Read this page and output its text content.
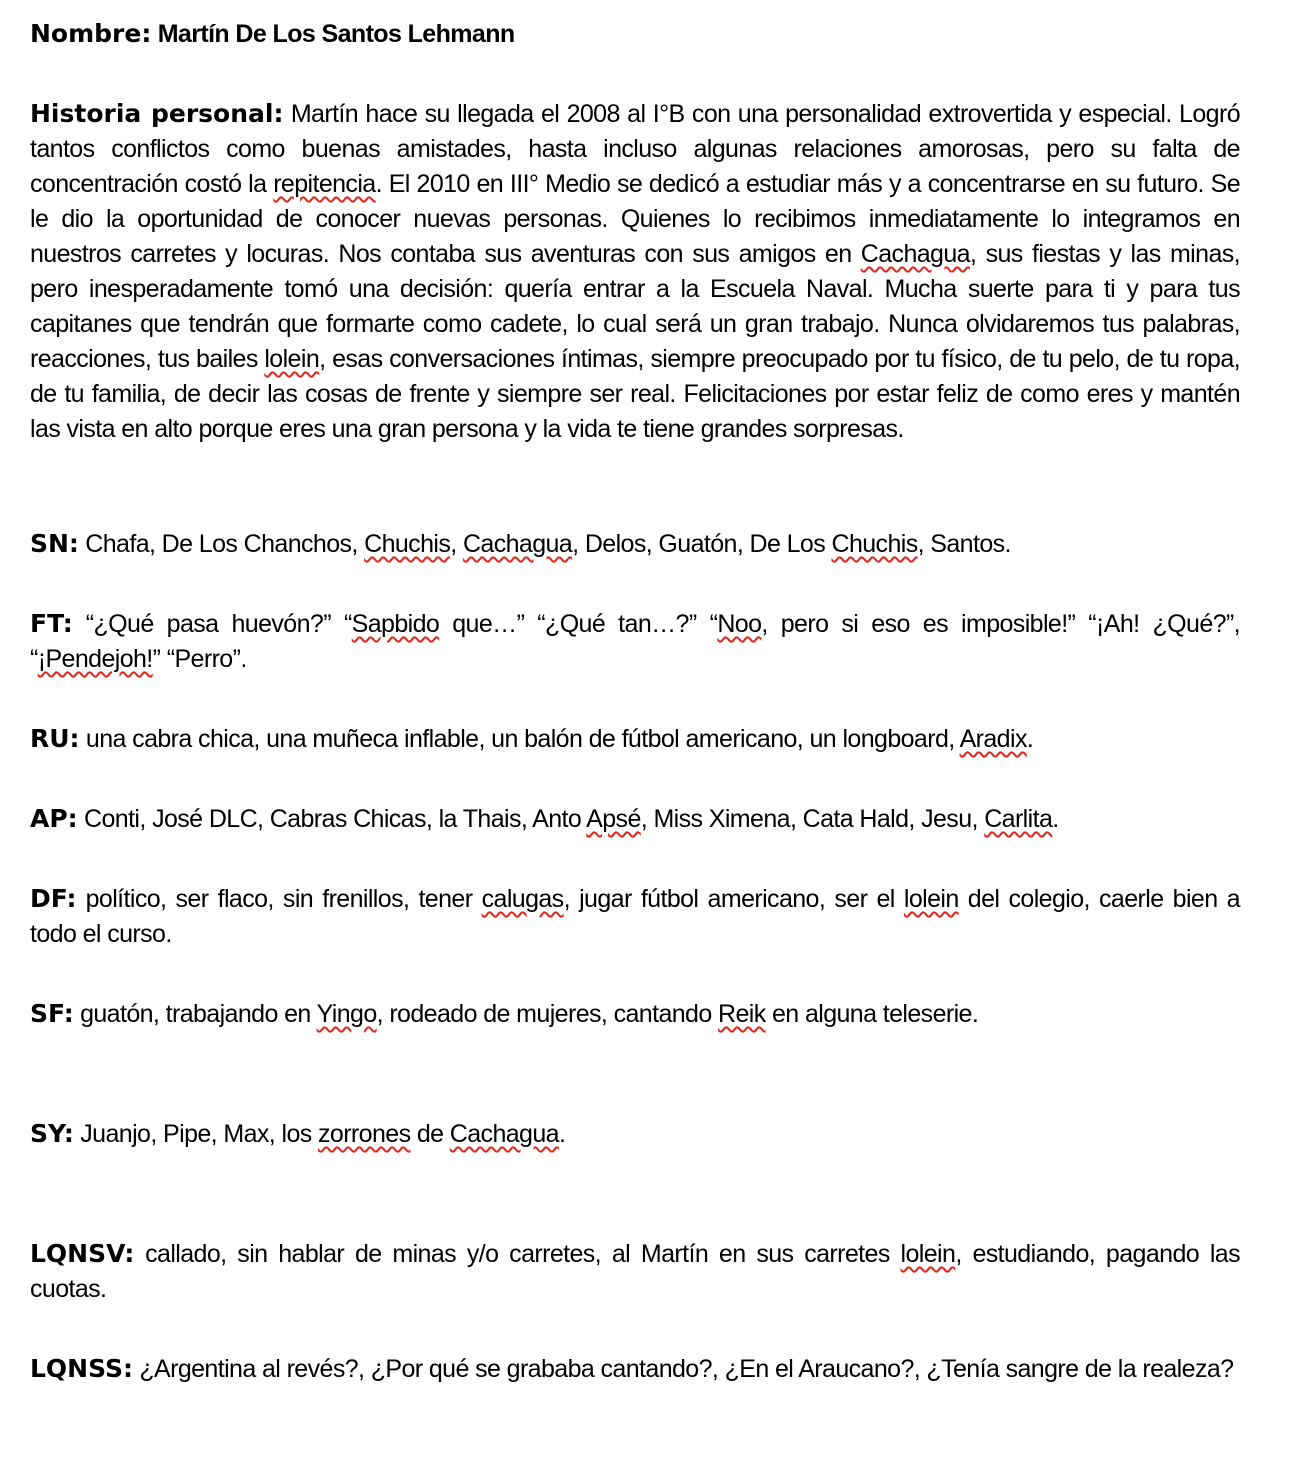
Nombre: Martín De Los Santos Lehmann
Historia personal: Martín hace su llegada el 2008 al I°B con una personalidad extrovertida y especial. Logró tantos conflictos como buenas amistades, hasta incluso algunas relaciones amorosas, pero su falta de concentración costó la repitencia. El 2010 en III° Medio se dedicó a estudiar más y a concentrarse en su futuro. Se le dio la oportunidad de conocer nuevas personas. Quienes lo recibimos inmediatamente lo integramos en nuestros carretes y locuras. Nos contaba sus aventuras con sus amigos en Cachagua, sus fiestas y las minas, pero inesperadamente tomó una decisión: quería entrar a la Escuela Naval. Mucha suerte para ti y para tus capitanes que tendrán que formarte como cadete, lo cual será un gran trabajo. Nunca olvidaremos tus palabras, reacciones, tus bailes lolein, esas conversaciones íntimas, siempre preocupado por tu físico, de tu pelo, de tu ropa, de tu familia, de decir las cosas de frente y siempre ser real. Felicitaciones por estar feliz de como eres y mantén las vista en alto porque eres una gran persona y la vida te tiene grandes sorpresas.
SN: Chafa, De Los Chanchos, Chuchis, Cachagua, Delos, Guatón, De Los Chuchis, Santos.
FT: “¿Qué pasa huevón?” “Sapbido que…” “¿Qué tan…?” “Noo, pero si eso es imposible!” “¡Ah! ¿Qué?”, “¡Pendejoh!” “Perro”.
RU: una cabra chica, una muñeca inflable, un balón de fútbol americano, un longboard, Aradix.
AP: Conti, José DLC, Cabras Chicas, la Thais, Anto Apsé, Miss Ximena, Cata Hald, Jesu, Carlita.
DF: político, ser flaco, sin frenillos, tener calugas, jugar fútbol americano, ser el lolein del colegio, caerle bien a todo el curso.
SF: guatón, trabajando en Yingo, rodeado de mujeres, cantando Reik en alguna teleserie.
SY: Juanjo, Pipe, Max, los zorrones de Cachagua.
LQNSV: callado, sin hablar de minas y/o carretes, al Martín en sus carretes lolein, estudiando, pagando las cuotas.
LQNSS: ¿Argentina al revés?, ¿Por qué se grababa cantando?, ¿En el Araucano?, ¿Tenía sangre de la realeza?
